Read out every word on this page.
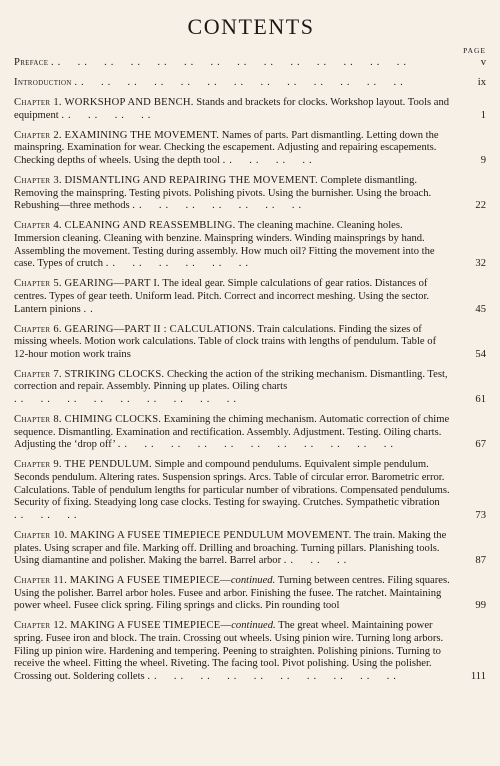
CONTENTS
PAGE
Preface ..  ..  ..  ..  ..  ..  ..  ..  ..  ..  ..  ..  ..  ..	v
Introduction ..  ..  ..  ..  ..  ..  ..  ..  ..  ..  ..  ..  ..	ix
Chapter 1. WORKSHOP AND BENCH. Stands and brackets for clocks. Workshop layout. Tools and equipment ..  ..  ..  ..	1
Chapter 2. EXAMINING THE MOVEMENT. Names of parts. Part dismantling. Letting down the mainspring. Examination for wear. Checking the escapement. Adjusting and repairing escapements. Checking depths of wheels. Using the depth tool ..  ..  ..  ..	9
Chapter 3. DISMANTLING AND REPAIRING THE MOVEMENT. Complete dismantling. Removing the mainspring. Testing pivots. Polishing pivots. Using the burnisher. Using the broach. Rebushing—three methods ..  ..  ..  ..  ..  ..  ..	22
Chapter 4. CLEANING AND REASSEMBLING. The cleaning machine. Cleaning holes. Immersion cleaning. Cleaning with benzine. Mainspring winders. Winding mainsprings by hand. Assembling the movement. Testing during assembly. How much oil? Fitting the movement into the case. Types of crutch ..  ..  ..  ..  ..  ..	32
Chapter 5. GEARING—PART I. The ideal gear. Simple calculations of gear ratios. Distances of centres. Types of gear teeth. Uniform lead. Pitch. Correct and incorrect meshing. Using the sector. Lantern pinions ..	45
Chapter 6. GEARING—PART II : CALCULATIONS. Train calculations. Finding the sizes of missing wheels. Motion work calculations. Table of clock trains with lengths of pendulum. Table of 12-hour motion work trains	54
Chapter 7. STRIKING CLOCKS. Checking the action of the striking mechanism. Dismantling. Test, correction and repair. Assembly. Pinning up plates. Oiling charts ..  ..  ..  ..  ..  ..  ..  ..  ..	61
Chapter 8. CHIMING CLOCKS. Examining the chiming mechanism. Automatic correction of chime sequence. Dismantling. Examination and rectification. Assembly. Adjustment. Testing. Oiling charts. Adjusting the ‘drop off’ ..  ..  ..  ..  ..  ..  ..  ..  ..  ..  ..	67
Chapter 9. THE PENDULUM. Simple and compound pendulums. Equivalent simple pendulum. Seconds pendulum. Altering rates. Suspension springs. Arcs. Table of circular error. Barometric error. Calculations. Table of pendulum lengths for particular number of vibrations. Compensated pendulums. Security of fixing. Steadying long case clocks. Testing for swaying. Crutches. Sympathetic vibration ..  ..  ..	73
Chapter 10. MAKING A FUSEE TIMEPIECE PENDULUM MOVEMENT. The train. Making the plates. Using scraper and file. Marking off. Drilling and broaching. Turning pillars. Planishing tools. Using diamantine and polisher. Making the barrel. Barrel arbor ..  ..  ..	87
Chapter 11. MAKING A FUSEE TIMEPIECE—continued. Turning between centres. Filing squares. Using the polisher. Barrel arbor holes. Fusee and arbor. Finishing the fusee. The ratchet. Maintaining power wheel. Fusee click spring. Filing springs and clicks. Pin rounding tool	99
Chapter 12. MAKING A FUSEE TIMEPIECE—continued. The great wheel. Maintaining power spring. Fusee iron and block. The train. Crossing out wheels. Using pinion wire. Turning long arbors. Filing up pinion wire. Hardening and tempering. Peening to straighten. Polishing pinions. Turning to receive the wheel. Fitting the wheel. Riveting. The facing tool. Pivot polishing. Using the polisher. Crossing out. Soldering collets ..  ..  ..  ..  ..  ..  ..  ..  ..  ..	111
